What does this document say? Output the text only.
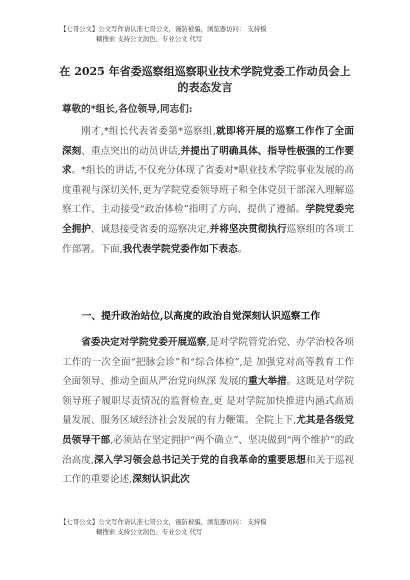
【七哥公文】公文写作请认准七哥公文，谨防被骗，浏览器访问： 支持模
糊搜索 支持公文润色、专业公文 代写
在 2025 年省委巡察组巡察职业技术学院党委工作动员会上 的表态发言
尊敬的*组长,各位领导,同志们:
刚才,*组长代表省委第*巡察组,就即将开展的巡察工作作了全面深刻、重点突出的动员讲话,并提出了明确具体、指导性极强的工作要求。*组长的讲话,不仅充分体现了省委对*职业技术学院事业发展的高度重视与深切关怀,更为学院党委领导班子和全体党员干部深入理解巡察工作、主动接受“政治体检”指明了方向、提供了遵循。学院党委完全拥护、诚恳接受省委的巡察决定,并将坚决贯彻执行巡察组的各项工作部署。下面,我代表学院党委作如下表态。
一、提升政治站位,以高度的政治自觉深刻认识巡察工作
省委决定对学院党委开展巡察,是对学院管党治党、办学治校各项工作的一次全面“把脉会诊”和“综合体检”,是 加强党对高等教育工作全面领导、推动全面从严治党向纵深 发展的重大举措。这既是对学院领导班子履职尽责情况的监督检查,更 是对学院加快推进内涵式高质量发展、服务区域经济社会发展的有力鞭策。全院上下,尤其是各级党员领导干部,必须站在坚定拥护“两个确立”、坚决做到“两个维护”的政治高度,深入学习领会总书记关于党的自我革命的重要思想和关于巡视工作的重要论述,深刻认识此次
【七哥公文】公文写作请认准七哥公文，谨防被骗，浏览器访问： 支持模
糊搜索 支持公文润色、专业公文 代写
